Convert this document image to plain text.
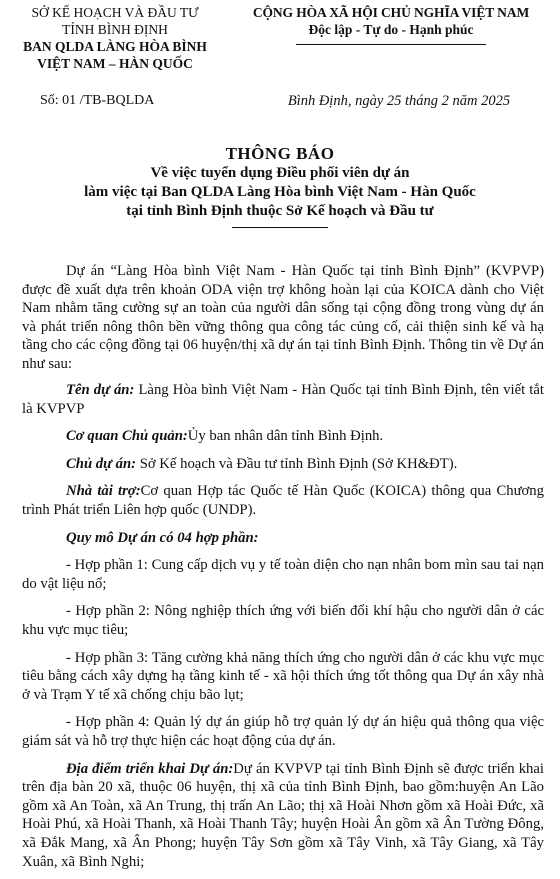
SỞ KẾ HOẠCH VÀ ĐẦU TƯ
TỈNH BÌNH ĐỊNH
BAN QLDA LÀNG HÒA BÌNH
VIỆT NAM – HÀN QUỐC
CỘNG HÒA XÃ HỘI CHỦ NGHĨA VIỆT NAM
Độc lập - Tự do - Hạnh phúc
Số: 01 /TB-BQLDA	Bình Định, ngày 25 tháng 2 năm 2025
THÔNG BÁO
Về việc tuyển dụng Điều phối viên dự án
làm việc tại Ban QLDA Làng Hòa bình Việt Nam - Hàn Quốc
tại tỉnh Bình Định thuộc Sở Kế hoạch và Đầu tư

Dự án “Làng Hòa bình Việt Nam - Hàn Quốc tại tỉnh Bình Định” (KVPVP) được đề xuất dựa trên khoản ODA viện trợ không hoàn lại của KOICA dành cho Việt Nam nhằm tăng cường sự an toàn của người dân sống tại cộng đồng trong vùng dự án và phát triển nông thôn bền vững thông qua công tác củng cố, cải thiện sinh kế và hạ tầng cho các cộng đồng tại 06 huyện/thị xã dự án tại tỉnh Bình Định. Thông tin về Dự án như sau:

Tên dự án: Làng Hòa bình Việt Nam - Hàn Quốc tại tỉnh Bình Định, tên viết tắt là KVPVP

Cơ quan Chủ quản:Ủy ban nhân dân tỉnh Bình Định.

Chủ dự án: Sở Kế hoạch và Đầu tư tỉnh Bình Định (Sở KH&ĐT).

Nhà tài trợ:Cơ quan Hợp tác Quốc tế Hàn Quốc (KOICA) thông qua Chương trình Phát triển Liên hợp quốc (UNDP).

Quy mô Dự án có 04 hợp phần:

- Hợp phần 1: Cung cấp dịch vụ y tế toàn diện cho nạn nhân bom mìn sau tai nạn do vật liệu nổ;

- Hợp phần 2: Nông nghiệp thích ứng với biến đổi khí hậu cho người dân ở các khu vực mục tiêu;

- Hợp phần 3: Tăng cường khả năng thích ứng cho người dân ở các khu vực mục tiêu bằng cách xây dựng hạ tầng kinh tế - xã hội thích ứng tốt thông qua Dự án xây nhà ở và Trạm Y tế xã chống chịu bão lụt;

- Hợp phần 4: Quản lý dự án giúp hỗ trợ quản lý dự án hiệu quả thông qua việc giám sát và hỗ trợ thực hiện các hoạt động của dự án.

Địa điểm triển khai Dự án:Dự án KVPVP tại tỉnh Bình Định sẽ được triển khai trên địa bàn 20 xã, thuộc 06 huyện, thị xã của tỉnh Bình Định, bao gồm:huyện An Lão gồm xã An Toàn, xã An Trung, thị trấn An Lão; thị xã Hoài Nhơn gồm xã Hoài Đức, xã Hoài Phú, xã Hoài Thanh, xã Hoài Thanh Tây; huyện Hoài Ân gồm xã Ân Tường Đông, xã Đắk Mang, xã Ân Phong; huyện Tây Sơn gồm xã Tây Vinh, xã Tây Giang, xã Tây Xuân, xã Bình Nghi;
